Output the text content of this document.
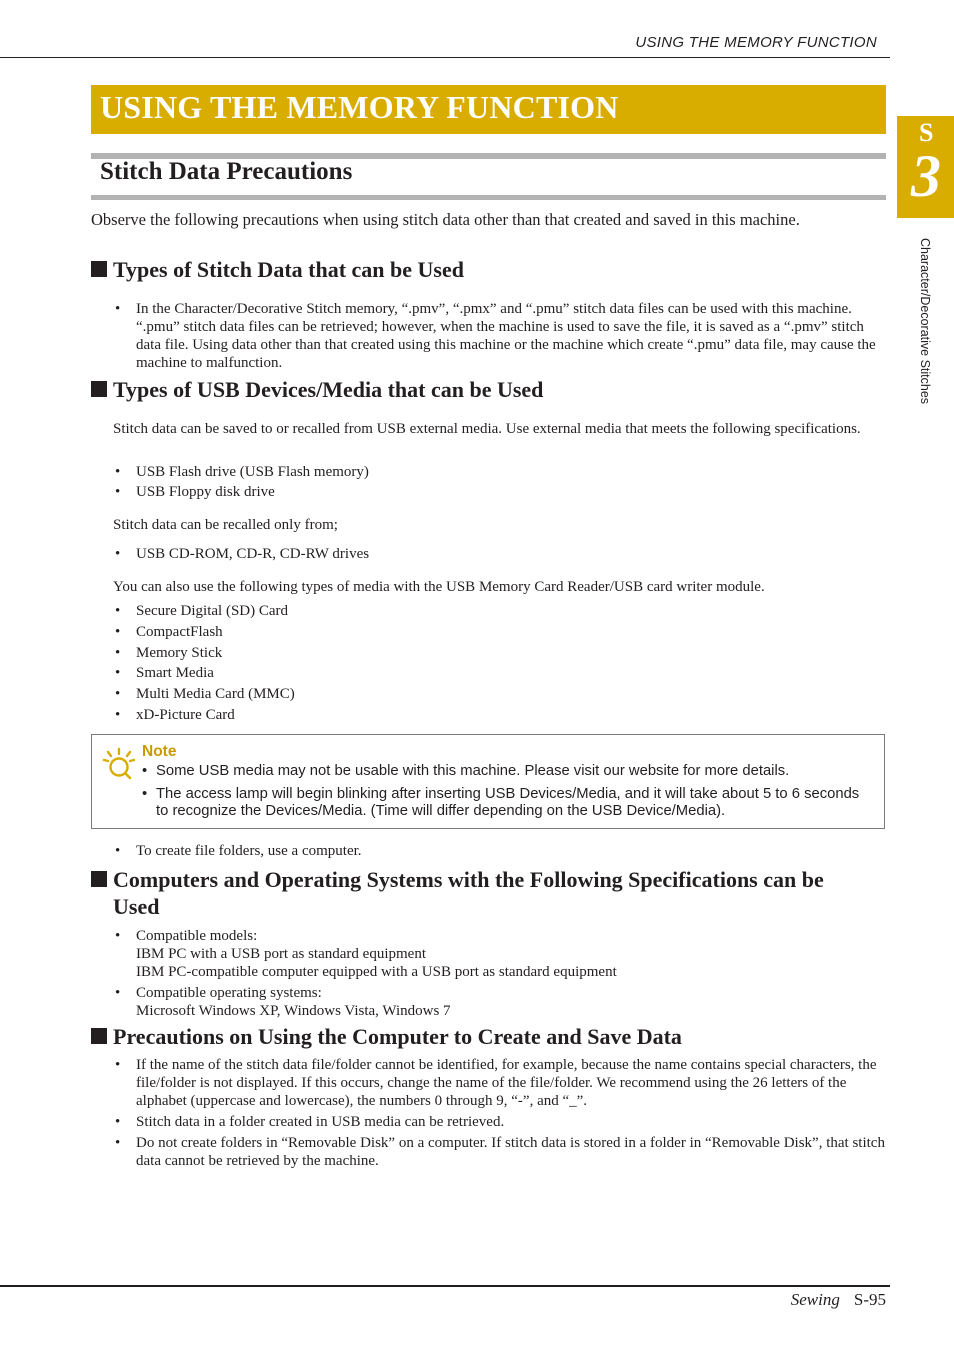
USING THE MEMORY FUNCTION
USING THE MEMORY FUNCTION
S
3
Character/Decorative Stitches
Stitch Data Precautions
Observe the following precautions when using stitch data other than that created and saved in this machine.
Types of Stitch Data that can be Used
• In the Character/Decorative Stitch memory, “.pmv”, “.pmx” and “.pmu” stitch data files can be used with this machine. “.pmu” stitch data files can be retrieved; however, when the machine is used to save the file, it is saved as a “.pmv” stitch data file. Using data other than that created using this machine or the machine which create “.pmu” data file, may cause the machine to malfunction.
Types of USB Devices/Media that can be Used
Stitch data can be saved to or recalled from USB external media. Use external media that meets the following specifications.
• USB Flash drive (USB Flash memory)
• USB Floppy disk drive
Stitch data can be recalled only from;
• USB CD-ROM, CD-R, CD-RW drives
You can also use the following types of media with the USB Memory Card Reader/USB card writer module.
• Secure Digital (SD) Card
• CompactFlash
• Memory Stick
• Smart Media
• Multi Media Card (MMC)
• xD-Picture Card
Note
• Some USB media may not be usable with this machine. Please visit our website for more details.
• The access lamp will begin blinking after inserting USB Devices/Media, and it will take about 5 to 6 seconds to recognize the Devices/Media. (Time will differ depending on the USB Device/Media).
• To create file folders, use a computer.
Computers and Operating Systems with the Following Specifications can be Used
• Compatible models:
IBM PC with a USB port as standard equipment
IBM PC-compatible computer equipped with a USB port as standard equipment
• Compatible operating systems:
Microsoft Windows XP, Windows Vista, Windows 7
Precautions on Using the Computer to Create and Save Data
• If the name of the stitch data file/folder cannot be identified, for example, because the name contains special characters, the file/folder is not displayed. If this occurs, change the name of the file/folder. We recommend using the 26 letters of the alphabet (uppercase and lowercase), the numbers 0 through 9, “-”, and “_”.
• Stitch data in a folder created in USB media can be retrieved.
• Do not create folders in “Removable Disk” on a computer. If stitch data is stored in a folder in “Removable Disk”, that stitch data cannot be retrieved by the machine.
Sewing S-95
